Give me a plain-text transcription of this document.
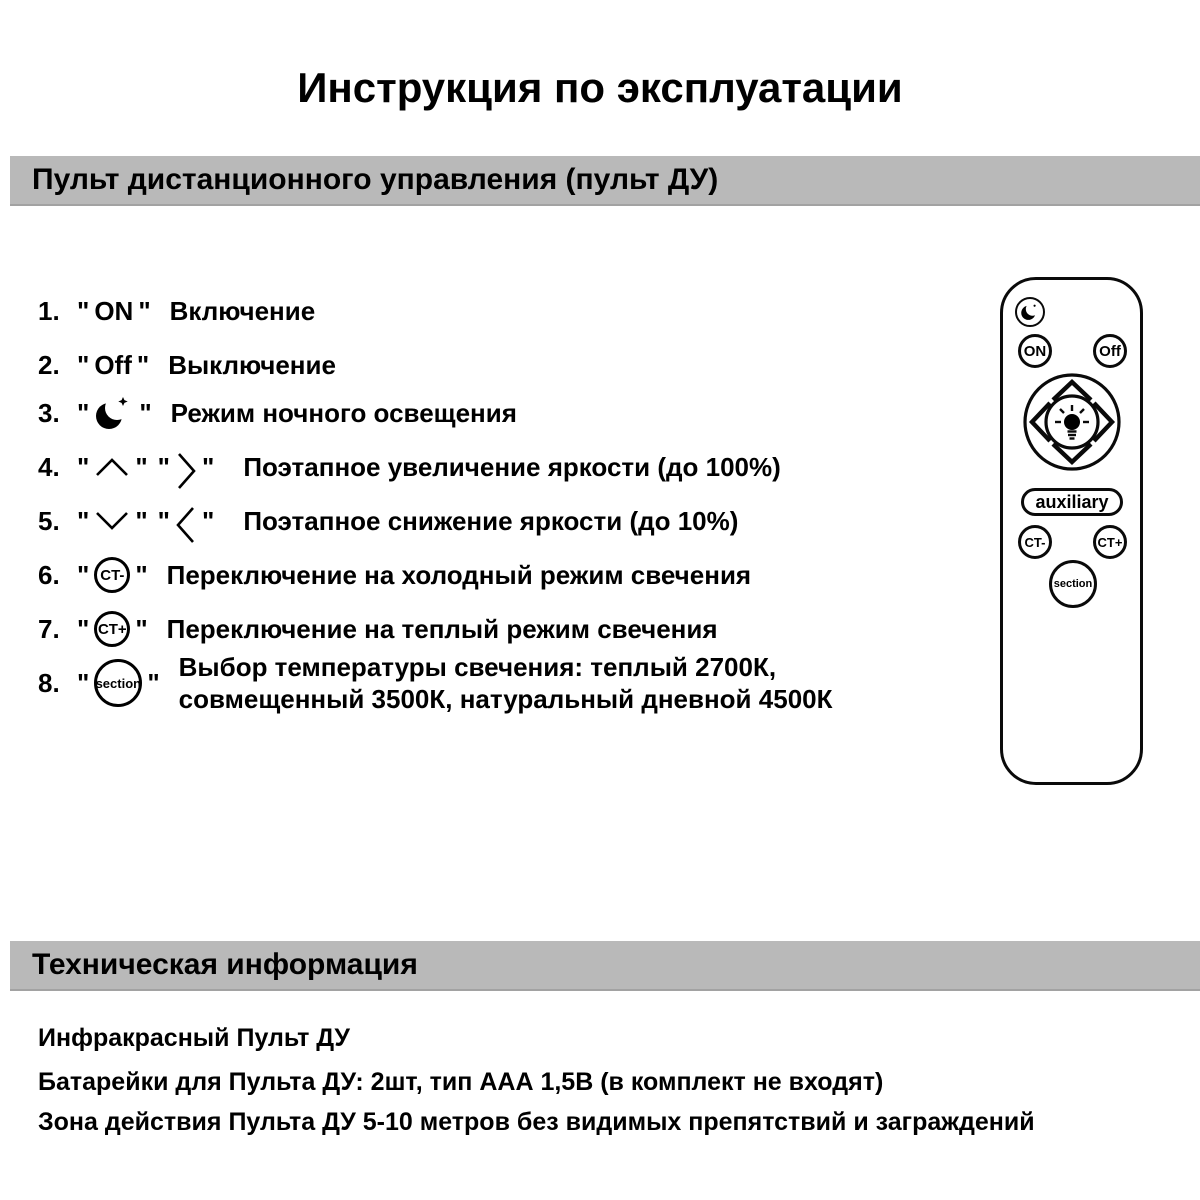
Инструкция по эксплуатации
Пульт дистанционного управления (пульт ДУ)
1. " ON " Включение
2. " Off " Выключение
3. " " Режим ночного освещения
4. " " " " Поэтапное увеличение яркости (до 100%)
5. " " " " Поэтапное снижение яркости (до 10%)
6. " CT- " Переключение на холодный режим свечения
7. " CT+ " Переключение на теплый режим свечения
8. " section "
Выбор температуры свечения: теплый 2700К,
совмещенный 3500К, натуральный дневной 4500К
ON	Off
auxiliary
CT-	CT+
section
Техническая информация
Инфракрасный Пульт ДУ
Батарейки для Пульта ДУ: 2шт, тип ААА 1,5В (в комплект не входят)
Зона действия Пульта ДУ 5-10 метров без видимых препятствий и заграждений
